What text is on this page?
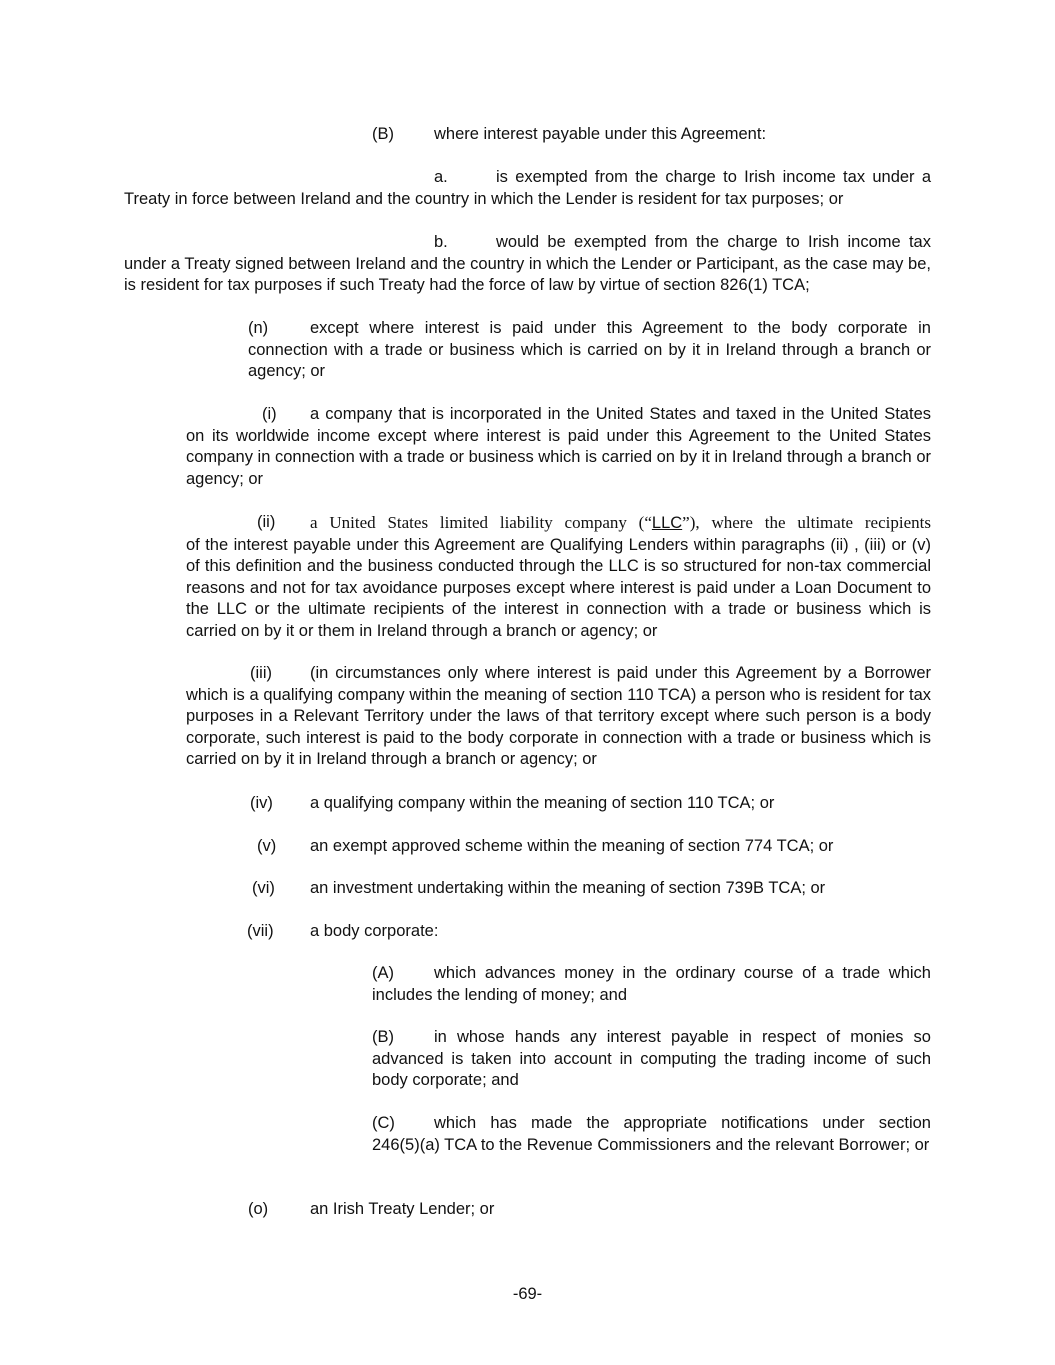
(B) where interest payable under this Agreement:
a.	is exempted from the charge to Irish income tax under a
Treaty in force between Ireland and the country in which the Lender is resident for tax purposes; or
b.	would be exempted from the charge to Irish income tax
under a Treaty signed between Ireland and the country in which the Lender or Participant, as the case may be, is resident for tax purposes if such Treaty had the force of law by virtue of section 826(1) TCA;
(n)	except where interest is paid under this Agreement to the body corporate in
connection with a trade or business which is carried on by it in Ireland through a branch or agency; or
(i)	a company that is incorporated in the United States and taxed in the United States
on its worldwide income except where interest is paid under this Agreement to the United States company in connection with a trade or business which is carried on by it in Ireland through a branch or agency; or
(ii)	a United States limited liability company (“LLC”), where the ultimate recipients
of the interest payable under this Agreement are Qualifying Lenders within paragraphs (ii) , (iii) or (v) of this definition and the business conducted through the LLC is so structured for non-tax commercial reasons and not for tax avoidance purposes except where interest is paid under a Loan Document to the LLC or the ultimate recipients of the interest in connection with a trade or business which is carried on by it or them in Ireland through a branch or agency; or
(iii)	(in circumstances only where interest is paid under this Agreement by a Borrower
which is a qualifying company within the meaning of section 110 TCA) a person who is resident for tax purposes in a Relevant Territory under the laws of that territory except where such person is a body corporate, such interest is paid to the body corporate in connection with a trade or business which is carried on by it in Ireland through a branch or agency; or
(iv) a qualifying company within the meaning of section 110 TCA; or
(v) an exempt approved scheme within the meaning of section 774 TCA; or
(vi) an investment undertaking within the meaning of section 739B TCA; or
(vii) a body corporate:
(A)	which advances money in the ordinary course of a trade which
includes the lending of money; and
(B)	in whose hands any interest payable in respect of monies so
advanced is taken into account in computing the trading income of such body corporate; and
(C)	which has made the appropriate notifications under section
246(5)(a) TCA to the Revenue Commissioners and the relevant Borrower; or
(o)	an Irish Treaty Lender; or
-69-
